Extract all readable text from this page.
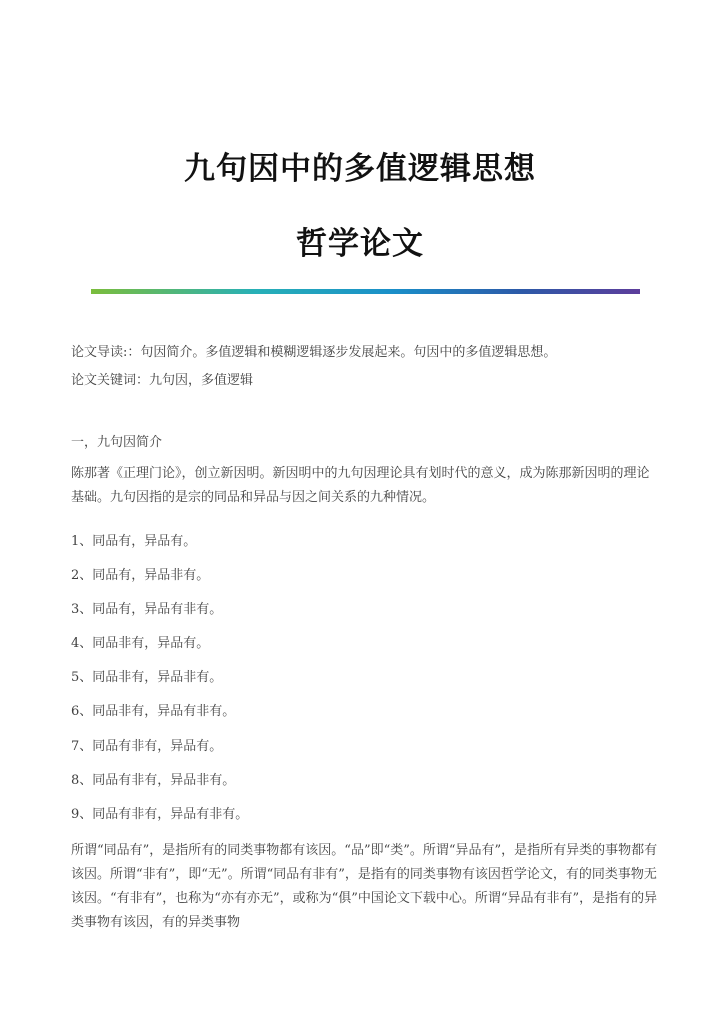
九句因中的多值逻辑思想
哲学论文

论文导读:：句因简介。多值逻辑和模糊逻辑逐步发展起来。句因中的多值逻辑思想。

论文关键词：九句因，多值逻辑

一，九句因简介

陈那著《正理门论》，创立新因明。新因明中的九句因理论具有划时代的意义，成为陈那新因明的理论基础。九句因指的是宗的同品和异品与因之间关系的九种情况。

1、同品有，异品有。

2、同品有，异品非有。

3、同品有，异品有非有。

4、同品非有，异品有。

5、同品非有，异品非有。

6、同品非有，异品有非有。

7、同品有非有，异品有。

8、同品有非有，异品非有。

9、同品有非有，异品有非有。

所谓“同品有”，是指所有的同类事物都有该因。“品”即“类”。所谓“异品有”，是指所有异类的事物都有该因。所谓“非有”，即“无”。所谓“同品有非有”，是指有的同类事物有该因哲学论文，有的同类事物无该因。“有非有”，也称为“亦有亦无”，或称为“俱”中国论文下载中心。所谓“异品有非有”，是指有的异类事物有该因，有的异类事物
